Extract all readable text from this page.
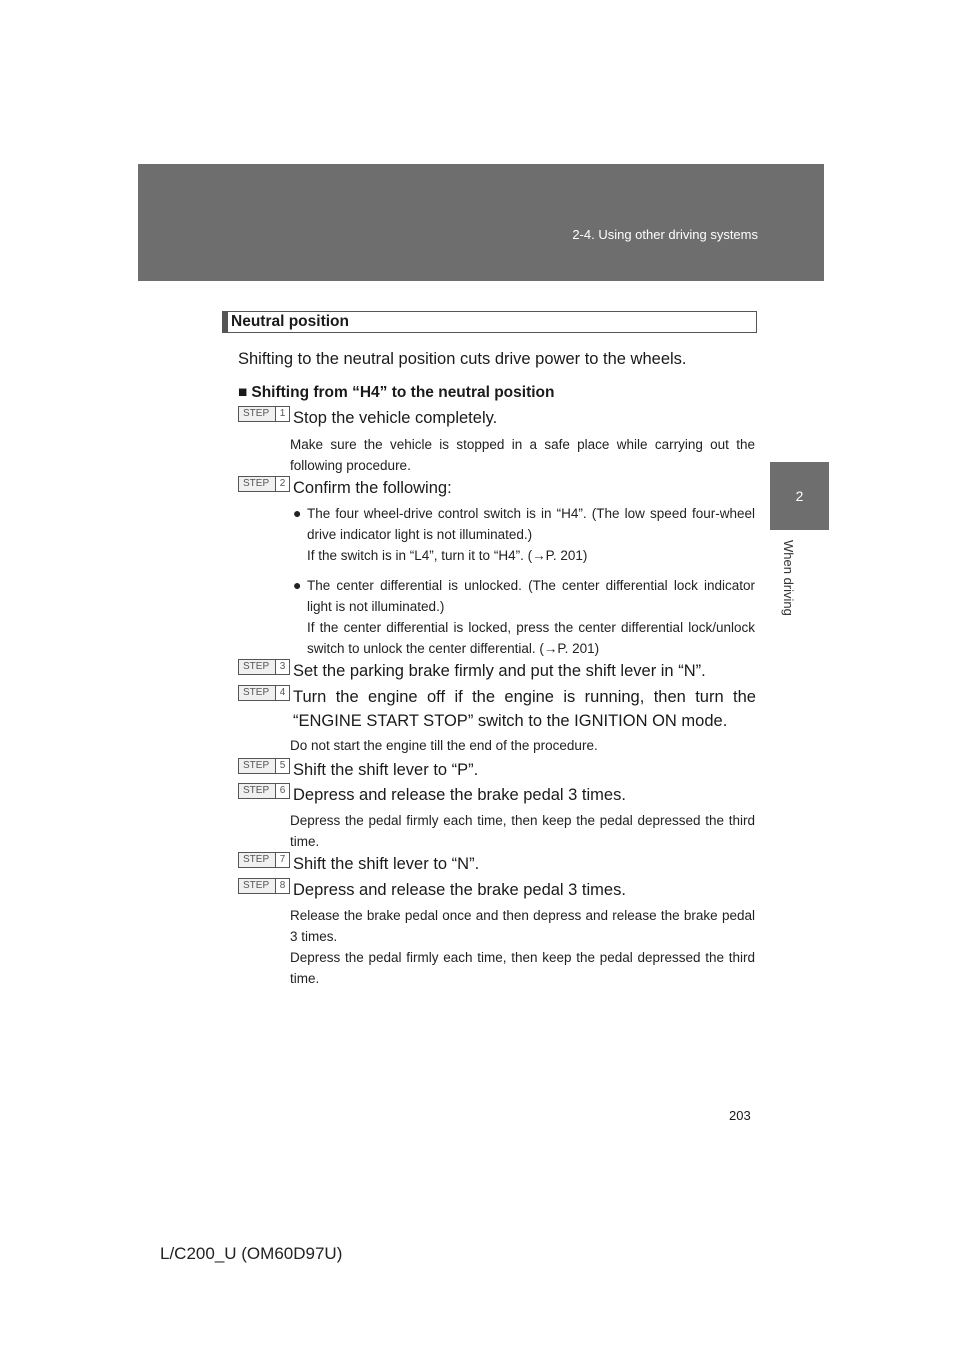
2-4. Using other driving systems
2
When driving
Neutral position
Shifting to the neutral position cuts drive power to the wheels.
■ Shifting from “H4” to the neutral position
STEP	1 Stop the vehicle completely.
Make sure the vehicle is stopped in a safe place while carrying out the following procedure.
STEP	2 Confirm the following:
● The four wheel-drive control switch is in “H4”. (The low speed four-wheel drive indicator light is not illuminated.)
If the switch is in “L4”, turn it to “H4”. (→P. 201)
● The center differential is unlocked. (The center differential lock indicator light is not illuminated.)
If the center differential is locked, press the center differential lock/unlock switch to unlock the center differential. (→P. 201)
STEP	3 Set the parking brake firmly and put the shift lever in “N”.
STEP	4 Turn the engine off if the engine is running, then turn the “ENGINE START STOP” switch to the IGNITION ON mode.
Do not start the engine till the end of the procedure.
STEP	5 Shift the shift lever to “P”.
STEP	6 Depress and release the brake pedal 3 times.
Depress the pedal firmly each time, then keep the pedal depressed the third time.
STEP	7 Shift the shift lever to “N”.
STEP	8 Depress and release the brake pedal 3 times.
Release the brake pedal once and then depress and release the brake pedal 3 times.
Depress the pedal firmly each time, then keep the pedal depressed the third time.
203
L/C200_U (OM60D97U)
